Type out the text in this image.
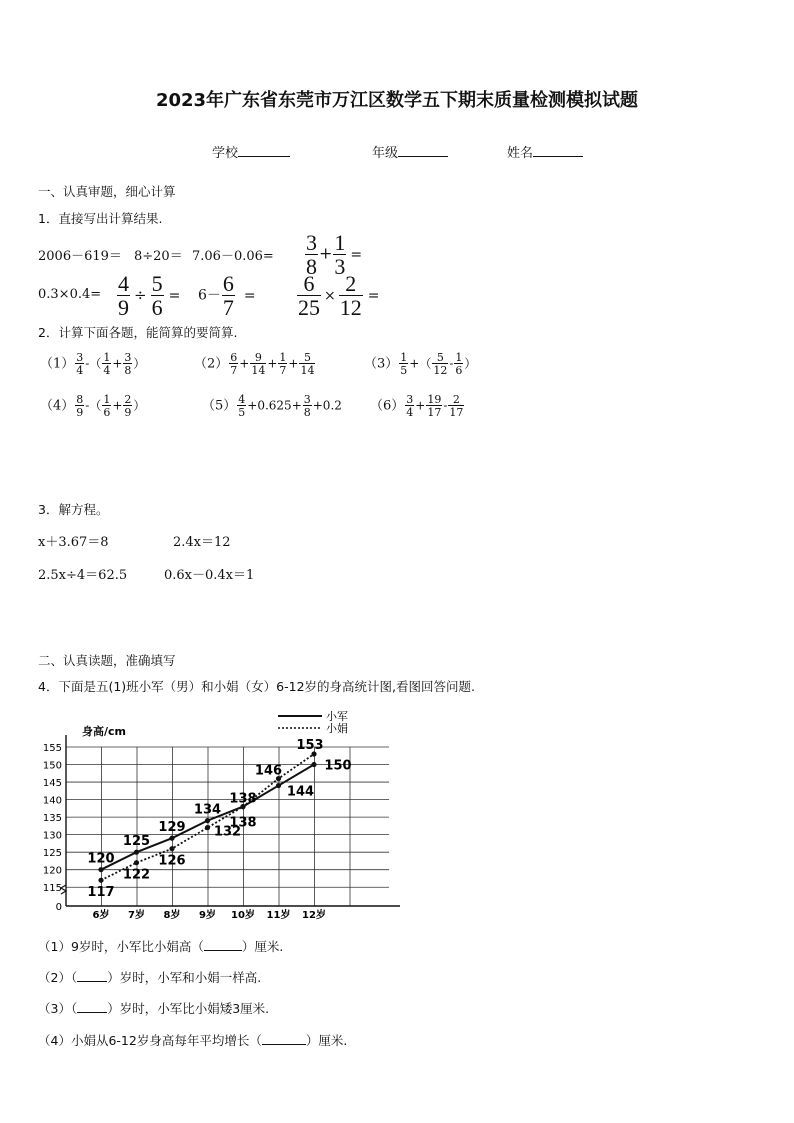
2023年广东省东莞市万江区数学五下期末质量检测模拟试题
学校	年级	姓名
一、认真审题，细心计算
1．直接写出计算结果.
$2006-619= 8\div 20= 7.06-0.06= \frac{3}{8} + \frac{1}{3}$ =
$0.3\times 0.4= \frac{4}{9} \div \frac{5}{6} = 6- \frac{6}{7} = \frac{6}{25} \times \frac{2}{12}$ =
2．计算下面各题，能简算的要简算.
$(1) \frac{3}{4}$ -（ $\frac{1}{4} + \frac{3}{8}$ ）	$(2) \frac{6}{7} + \frac{9}{14} + \frac{1}{7} + \frac{5}{14}$	$(3) \frac{1}{5}$ +（ $\frac{5}{12} - \frac{1}{6}$ ）
$(4) \frac{8}{9}$ -（ $\frac{1}{6} + \frac{2}{9}$ ）	$(5) \frac{4}{5} +0.625+ \frac{3}{8} +0.2$ $(6) \frac{3}{4} + \frac{19}{17} - \frac{2}{17}$
3．解方程。
x＋3.67＝8	2.4x＝12
2.5x÷4＝62.5	0.6x－0.4x＝1
二、认真读题，准确填写
4．下面是五(1)班小军（男）和小娟（女）6-12岁的身高统计图,看图回答问题.
0
115
120
125
130
135
140
145
150
155
身高/cm
6岁 7岁 8岁 9岁 10岁 11岁 12岁
120
125
129
134
138 144
150
117
122
126
132
138
146
153
小军
小娟
（1）9岁时，小军比小娟高（	）厘米.
（2）（ ）岁时，小军和小娟一样高.
（3）（ ）岁时，小军比小娟矮3厘米.
（4）小娟从6-12岁身高每年平均增长（	）厘米.
